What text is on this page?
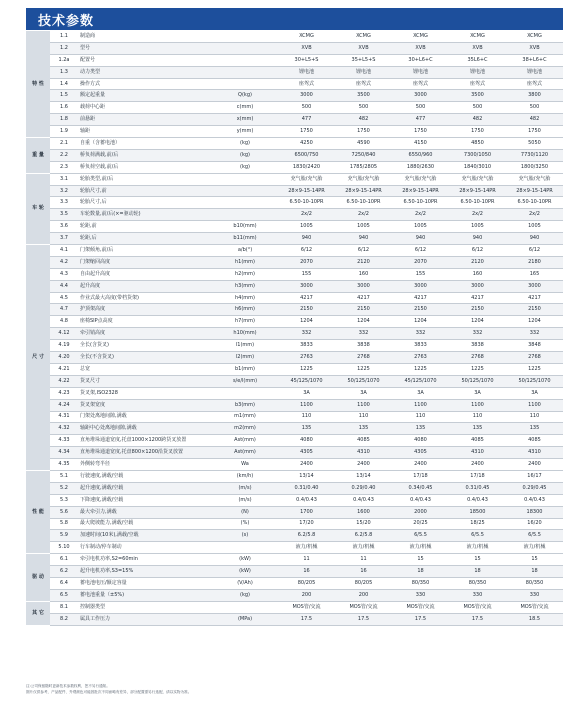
技术参数
特 性	1.1	制造商		XCMG	XCMG	XCMG	XCMG	XCMG
	1.2	型号		XVB	XVB	XVB	XVB	XVB
	1.2a	配置号		30+L5+S	35+L5+S	30+L6+C	35L6+C	38+L6+C
	1.3	动力类型		锂电池	锂电池	锂电池	锂电池	锂电池
	1.4	操作方式		座驾式	座驾式	座驾式	座驾式	座驾式
	1.5	额定起重量	Q(kg)	3000	3500	3000	3500	3800
	1.6	载荷中心距	c(mm)	500	500	500	500	500
	1.8	前悬距	x(mm)	477	482	477	482	482
	1.9	轴距	y(mm)	1750	1750	1750	1750	1750
重 量	2.1	自重（含蓄电池）	(kg)	4250	4590	4150	4850	5050
	2.2	桥负荷满载,前/后	(kg)	6500/750	7250/840	6550/960	7300/1050	7730/1120
	2.3	桥负荷空载,前/后	(kg)	1830/2420	1785/2805	1880/2630	1840/3010	1800/3250
车 轮	3.1	轮胎类型,前/后		充气胎/充气胎	充气胎/充气胎	充气胎/充气胎	充气胎/充气胎	充气胎/充气胎
	3.2	轮胎尺寸,前		28×9-15-14PR	28×9-15-14PR	28×9-15-14PR	28×9-15-14PR	28×9-15-14PR
	3.3	轮胎尺寸,后		6.50-10-10PR	6.50-10-10PR	6.50-10-10PR	6.50-10-10PR	6.50-10-10PR
	3.5	车轮数量,前/后(×=驱动轮)		2x/2	2x/2	2x/2	2x/2	2x/2
	3.6	轮距,前	b10(mm)	1005	1005	1005	1005	1005
	3.7	轮距,后	b11(mm)	940	940	940	940	940
尺 寸	4.1	门架倾角,前/后	a/b(°)	6/12	6/12	6/12	6/12	6/12
	4.2	门架缩回高度	h1(mm)	2070	2120	2070	2120	2180
	4.3	自由起升高度	h2(mm)	155	160	155	160	165
	4.4	起升高度	h3(mm)	3000	3000	3000	3000	3000
	4.5	作业式最大高度(带档货架)	h4(mm)	4217	4217	4217	4217	4217
	4.7	护顶架高度	h6(mm)	2150	2150	2150	2150	2150
	4.8	座椅SIP点高度	h7(mm)	1204	1204	1204	1204	1204
	4.12	牵引销高度	h10(mm)	332	332	332	332	332
	4.19	全长(含货叉)	l1(mm)	3833	3838	3833	3838	3848
	4.20	全长(不含货叉)	l2(mm)	2763	2768	2763	2768	2768
	4.21	总宽	b1(mm)	1225	1225	1225	1225	1225
	4.22	货叉尺寸	s/e/l(mm)	45/125/1070	50/125/1070	45/125/1070	50/125/1070	50/125/1070
	4.23	货叉架,ISO2328		3A	3A	3A	3A	3A
	4.24	货叉架宽度	b3(mm)	1100	1100	1100	1100	1100
	4.31	门架处离地间隙,满载	m1(mm)	110	110	110	110	110
	4.32	轴距中心处离地间隙,满载	m2(mm)	135	135	135	135	135
	4.33	直角堆垛通道宽度,托盘1000×1200跨货叉放置	Ast(mm)	4080	4085	4080	4085	4085
	4.34	直角堆垛通道宽度,托盘800×1200沿货叉放置	Ast(mm)	4305	4310	4305	4310	4310
	4.35	外侧转弯半径	Wa	2400	2400	2400	2400	2400
性 能	5.1	行驶速度,满载/空载	(km/h)	13/14	13/14	17/18	17/18	16/17
	5.2	起升速度,满载/空载	(m/s)	0.31/0.40	0.29/0.40	0.34/0.45	0.31/0.45	0.29/0.45
	5.3	下降速度,满载/空载	(m/s)	0.4/0.43	0.4/0.43	0.4/0.43	0.4/0.43	0.4/0.43
	5.6	最大牵引力,满载	(N)	1700	1600	2000	18500	18300
	5.8	最大爬坡能力,满载/空载	(%)	17/20	15/20	20/25	18/25	16/20
	5.9	加速时间(10米),满载/空载	(s)	6.2/5.8	6.2/5.8	6/5.5	6/5.5	6/5.5
	5.10	行车制动/停车制动		液力/机械	液力/机械	液力/机械	液力/机械	液力/机械
驱 动	6.1	牵引电机功率,S2=60min	(kW)	11	11	15	15	15
	6.2	起升电机功率,S3=15%	(kW)	16	16	18	18	18
	6.4	蓄电池电压/额定容量	(V/Ah)	80/205	80/205	80/350	80/350	80/350
	6.5	蓄电池重量（±5%)	(kg)	200	200	330	330	330
其 它	8.1	控制器类型		MOS管/交流	MOS管/交流	MOS管/交流	MOS管/交流	MOS管/交流
	8.2	属具工作压力	(MPa)	17.5	17.5	17.5	17.5	18.5
注:公司保留随时更新技术参数权利，恕不另行通知。
图片仅供参考，产品配件、外观颜色可能因批次不同而略有差异，部分配置需另行选配，请以实物为准。
